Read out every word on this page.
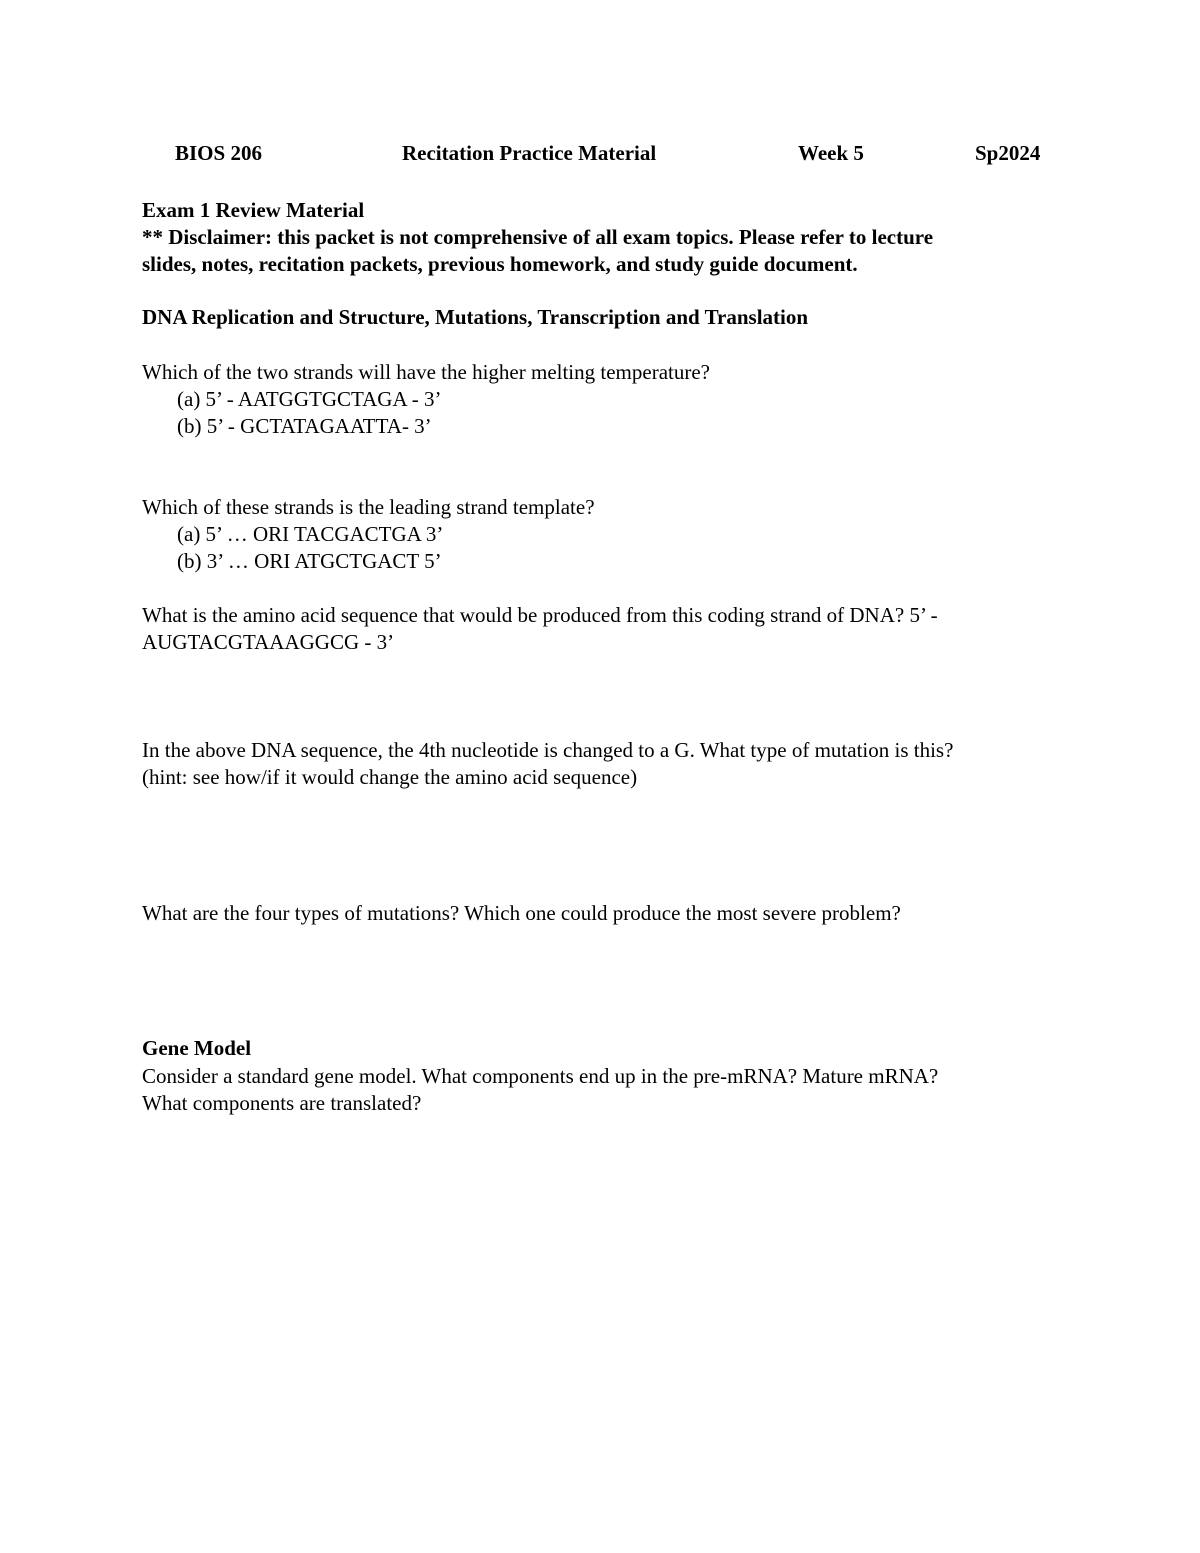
BIOS 206	Recitation Practice Material	Week 5	Sp2024
Exam 1 Review Material
** Disclaimer: this packet is not comprehensive of all exam topics. Please refer to lecture
slides, notes, recitation packets, previous homework, and study guide document.
DNA Replication and Structure, Mutations, Transcription and Translation
Which of the two strands will have the higher melting temperature?
(a) 5’ - AATGGTGCTAGA - 3’
(b) 5’ - GCTATAGAATTA- 3’
Which of these strands is the leading strand template?
(a) 5’ … ORI TACGACTGA 3’
(b) 3’ … ORI ATGCTGACT 5’
What is the amino acid sequence that would be produced from this coding strand of DNA? 5’ -
AUGTACGTAAAGGCG - 3’
In the above DNA sequence, the 4th nucleotide is changed to a G. What type of mutation is this?
(hint: see how/if it would change the amino acid sequence)
What are the four types of mutations? Which one could produce the most severe problem?
Gene Model
Consider a standard gene model. What components end up in the pre-mRNA? Mature mRNA?
What components are translated?
